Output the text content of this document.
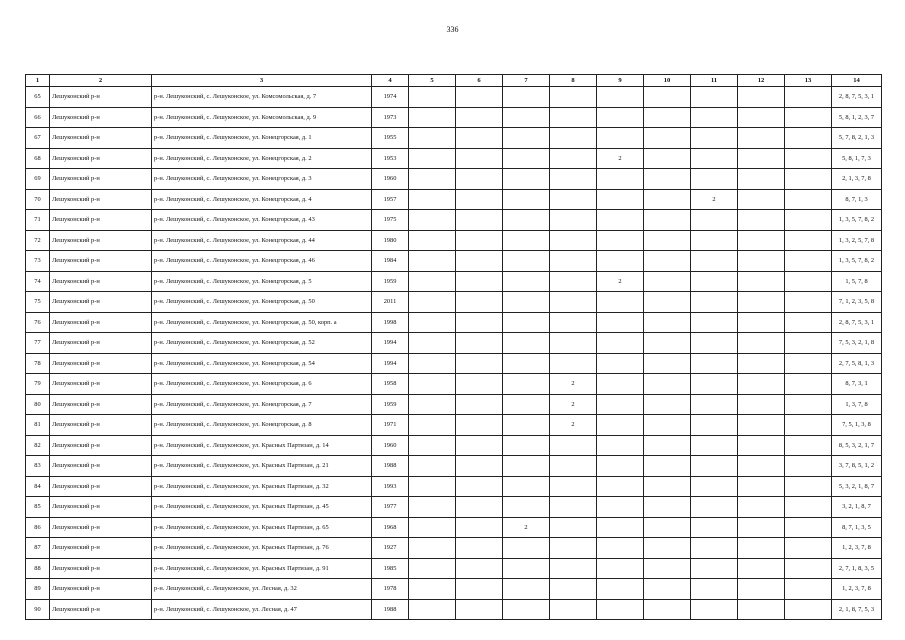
336
1	2	3	4	5	6	7	8	9	10	11	12	13	14
65	Лешуконский р-н	р-н. Лешуконский, с. Лешуконское, ул. Комсомольская, д. 7	1974										2, 8, 7, 5, 3, 1
66	Лешуконский р-н	р-н. Лешуконский, с. Лешуконское, ул. Комсомольская, д. 9	1973										5, 8, 1, 2, 3, 7
67	Лешуконский р-н	р-н. Лешуконский, с. Лешуконское, ул. Конецгорская, д. 1	1955										5, 7, 8, 2, 1, 3
68	Лешуконский р-н	р-н. Лешуконский, с. Лешуконское, ул. Конецгорская, д. 2	1953					2					5, 8, 1, 7, 3
69	Лешуконский р-н	р-н. Лешуконский, с. Лешуконское, ул. Конецгорская, д. 3	1960										2, 1, 3, 7, 8
70	Лешуконский р-н	р-н. Лешуконский, с. Лешуконское, ул. Конецгорская, д. 4	1957							2			8, 7, 1, 3
71	Лешуконский р-н	р-н. Лешуконский, с. Лешуконское, ул. Конецгорская, д. 43	1975										1, 3, 5, 7, 8, 2
72	Лешуконский р-н	р-н. Лешуконский, с. Лешуконское, ул. Конецгорская, д. 44	1980										1, 3, 2, 5, 7, 8
73	Лешуконский р-н	р-н. Лешуконский, с. Лешуконское, ул. Конецгорская, д. 46	1984										1, 3, 5, 7, 8, 2
74	Лешуконский р-н	р-н. Лешуконский, с. Лешуконское, ул. Конецгорская, д. 5	1959					2					1, 5, 7, 8
75	Лешуконский р-н	р-н. Лешуконский, с. Лешуконское, ул. Конецгорская, д. 50	2011										7, 1, 2, 3, 5, 8
76	Лешуконский р-н	р-н. Лешуконский, с. Лешуконское, ул. Конецгорская, д. 50, корп. а	1998										2, 8, 7, 5, 3, 1
77	Лешуконский р-н	р-н. Лешуконский, с. Лешуконское, ул. Конецгорская, д. 52	1994										7, 5, 3, 2, 1, 8
78	Лешуконский р-н	р-н. Лешуконский, с. Лешуконское, ул. Конецгорская, д. 54	1994										2, 7, 5, 8, 1, 3
79	Лешуконский р-н	р-н. Лешуконский, с. Лешуконское, ул. Конецгорская, д. 6	1958				2						8, 7, 3, 1
80	Лешуконский р-н	р-н. Лешуконский, с. Лешуконское, ул. Конецгорская, д. 7	1959				2						1, 3, 7, 8
81	Лешуконский р-н	р-н. Лешуконский, с. Лешуконское, ул. Конецгорская, д. 8	1971				2						7, 5, 1, 3, 8
82	Лешуконский р-н	р-н. Лешуконский, с. Лешуконское, ул. Красных Партизан, д. 14	1960										8, 5, 3, 2, 1, 7
83	Лешуконский р-н	р-н. Лешуконский, с. Лешуконское, ул. Красных Партизан, д. 21	1988										3, 7, 8, 5, 1, 2
84	Лешуконский р-н	р-н. Лешуконский, с. Лешуконское, ул. Красных Партизан, д. 32	1993										5, 3, 2, 1, 8, 7
85	Лешуконский р-н	р-н. Лешуконский, с. Лешуконское, ул. Красных Партизан, д. 45	1977										3, 2, 1, 8, 7
86	Лешуконский р-н	р-н. Лешуконский, с. Лешуконское, ул. Красных Партизан, д. 65	1968			2							8, 7, 1, 3, 5
87	Лешуконский р-н	р-н. Лешуконский, с. Лешуконское, ул. Красных Партизан, д. 76	1927										1, 2, 3, 7, 8
88	Лешуконский р-н	р-н. Лешуконский, с. Лешуконское, ул. Красных Партизан, д. 91	1985										2, 7, 1, 8, 3, 5
89	Лешуконский р-н	р-н. Лешуконский, с. Лешуконское, ул. Лесная, д. 32	1978										1, 2, 3, 7, 8
90	Лешуконский р-н	р-н. Лешуконский, с. Лешуконское, ул. Лесная, д. 47	1988										2, 1, 8, 7, 5, 3
